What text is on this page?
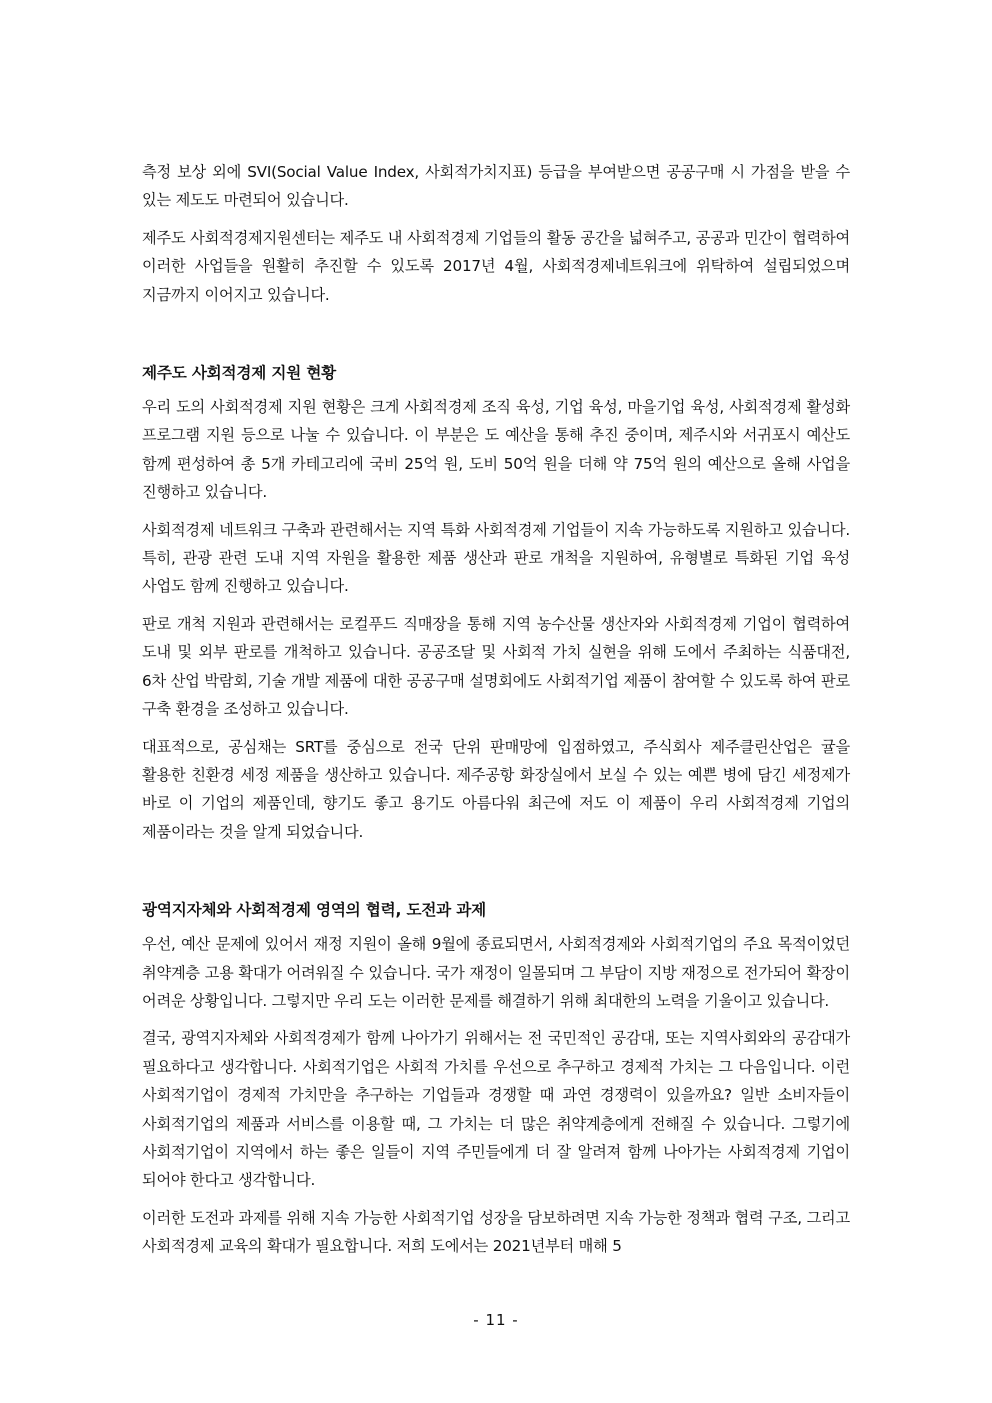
측정 보상 외에 SVI(Social Value Index, 사회적가치지표) 등급을 부여받으면 공공구매 시 가점을 받을 수 있는 제도도 마련되어 있습니다.

제주도 사회적경제지원센터는 제주도 내 사회적경제 기업들의 활동 공간을 넓혀주고, 공공과 민간이 협력하여 이러한 사업들을 원활히 추진할 수 있도록 2017년 4월, 사회적경제네트워크에 위탁하여 설립되었으며 지금까지 이어지고 있습니다.

제주도 사회적경제 지원 현황

우리 도의 사회적경제 지원 현황은 크게 사회적경제 조직 육성, 기업 육성, 마을기업 육성, 사회적경제 활성화 프로그램 지원 등으로 나눌 수 있습니다. 이 부분은 도 예산을 통해 추진 중이며, 제주시와 서귀포시 예산도 함께 편성하여 총 5개 카테고리에 국비 25억 원, 도비 50억 원을 더해 약 75억 원의 예산으로 올해 사업을 진행하고 있습니다.

사회적경제 네트워크 구축과 관련해서는 지역 특화 사회적경제 기업들이 지속 가능하도록 지원하고 있습니다. 특히, 관광 관련 도내 지역 자원을 활용한 제품 생산과 판로 개척을 지원하여, 유형별로 특화된 기업 육성 사업도 함께 진행하고 있습니다.

판로 개척 지원과 관련해서는 로컬푸드 직매장을 통해 지역 농수산물 생산자와 사회적경제 기업이 협력하여 도내 및 외부 판로를 개척하고 있습니다. 공공조달 및 사회적 가치 실현을 위해 도에서 주최하는 식품대전, 6차 산업 박람회, 기술 개발 제품에 대한 공공구매 설명회에도 사회적기업 제품이 참여할 수 있도록 하여 판로 구축 환경을 조성하고 있습니다.

대표적으로, 공심채는 SRT를 중심으로 전국 단위 판매망에 입점하였고, 주식회사 제주클린산업은 귤을 활용한 친환경 세정 제품을 생산하고 있습니다. 제주공항 화장실에서 보실 수 있는 예쁜 병에 담긴 세정제가 바로 이 기업의 제품인데, 향기도 좋고 용기도 아름다워 최근에 저도 이 제품이 우리 사회적경제 기업의 제품이라는 것을 알게 되었습니다.

광역지자체와 사회적경제 영역의 협력, 도전과 과제

우선, 예산 문제에 있어서 재정 지원이 올해 9월에 종료되면서, 사회적경제와 사회적기업의 주요 목적이었던 취약계층 고용 확대가 어려워질 수 있습니다. 국가 재정이 일몰되며 그 부담이 지방 재정으로 전가되어 확장이 어려운 상황입니다. 그렇지만 우리 도는 이러한 문제를 해결하기 위해 최대한의 노력을 기울이고 있습니다.

결국, 광역지자체와 사회적경제가 함께 나아가기 위해서는 전 국민적인 공감대, 또는 지역사회와의 공감대가 필요하다고 생각합니다. 사회적기업은 사회적 가치를 우선으로 추구하고 경제적 가치는 그 다음입니다. 이런 사회적기업이 경제적 가치만을 추구하는 기업들과 경쟁할 때 과연 경쟁력이 있을까요? 일반 소비자들이 사회적기업의 제품과 서비스를 이용할 때, 그 가치는 더 많은 취약계층에게 전해질 수 있습니다. 그렇기에 사회적기업이 지역에서 하는 좋은 일들이 지역 주민들에게 더 잘 알려져 함께 나아가는 사회적경제 기업이 되어야 한다고 생각합니다.

이러한 도전과 과제를 위해 지속 가능한 사회적기업 성장을 담보하려면 지속 가능한 정책과 협력 구조, 그리고 사회적경제 교육의 확대가 필요합니다. 저희 도에서는 2021년부터 매해 5

- 11 -
